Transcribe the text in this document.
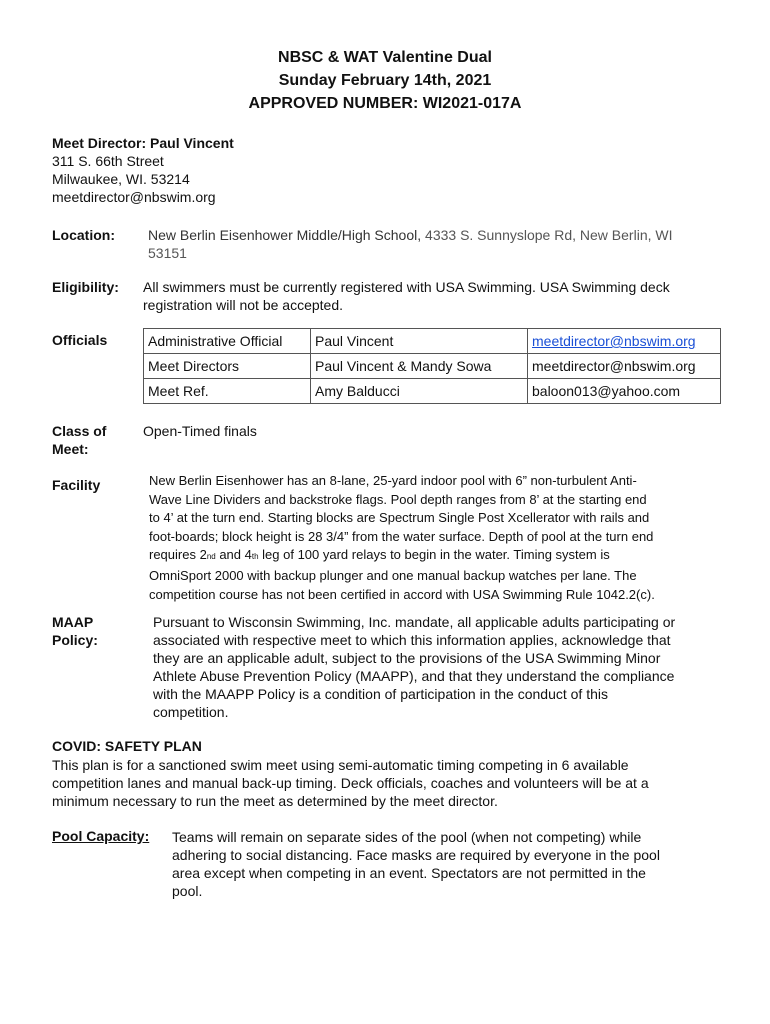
NBSC & WAT Valentine Dual
Sunday February 14th, 2021
APPROVED NUMBER: WI2021-017A
Meet Director: Paul Vincent
311 S. 66th Street
Milwaukee, WI. 53214
meetdirector@nbswim.org
Location: New Berlin Eisenhower Middle/High School, 4333 S. Sunnyslope Rd, New Berlin, WI
53151
Eligibility: All swimmers must be currently registered with USA Swimming. USA Swimming deck
registration will not be accepted.
Officials	Administrative Official	Paul Vincent	meetdirector@nbswim.org
Meet Directors	Paul Vincent & Mandy Sowa	meetdirector@nbswim.org
Meet Ref.	Amy Balducci	baloon013@yahoo.com
Class of
Meet:
Open-Timed finals
Facility	New Berlin Eisenhower has an 8-lane, 25-yard indoor pool with 6” non-turbulent Anti-
Wave Line Dividers and backstroke flags. Pool depth ranges from 8’ at the starting end
to 4’ at the turn end. Starting blocks are Spectrum Single Post Xcellerator with rails and
foot-boards; block height is 28 3/4” from the water surface. Depth of pool at the turn end
requires 2nd and 4th leg of 100 yard relays to begin in the water. Timing system is
OmniSport 2000 with backup plunger and one manual backup watches per lane. The
competition course has not been certified in accord with USA Swimming Rule 1042.2(c).
MAAP
Policy:
Pursuant to Wisconsin Swimming, Inc. mandate, all applicable adults participating or
associated with respective meet to which this information applies, acknowledge that
they are an applicable adult, subject to the provisions of the USA Swimming Minor
Athlete Abuse Prevention Policy (MAAPP), and that they understand the compliance
with the MAAPP Policy is a condition of participation in the conduct of this
competition.
COVID: SAFETY PLAN
This plan is for a sanctioned swim meet using semi-automatic timing competing in 6 available
competition lanes and manual back-up timing. Deck officials, coaches and volunteers will be at a
minimum necessary to run the meet as determined by the meet director.
Pool Capacity: Teams will remain on separate sides of the pool (when not competing) while
adhering to social distancing. Face masks are required by everyone in the pool
area except when competing in an event. Spectators are not permitted in the
pool.
